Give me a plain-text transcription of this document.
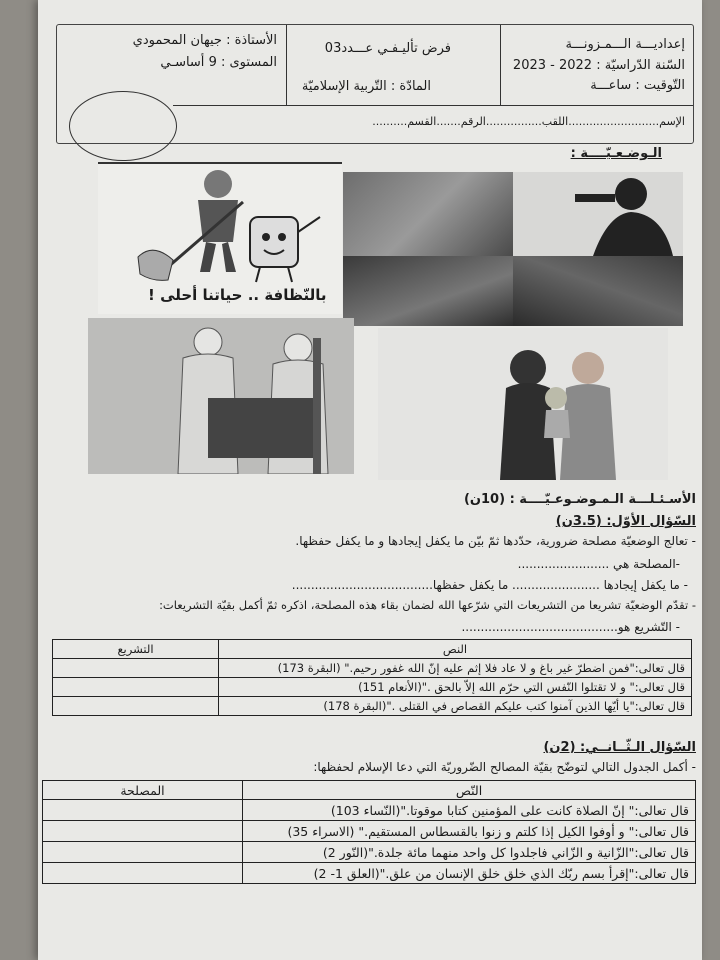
إعداديـــة الـــمـزونـــة
السّنة الدّراسيّة : 2022 - 2023
التّوقيت : ساعـــة
فرض تأليـفـي عـــدد03
المادّة : التّربية الإسلاميّة
الأستاذة : جيهان المحمودي
المستوى : 9 أساسـي
الإسم..........................اللقب................الرقم.......القسم..........
الـوضـعـيّــــة :
بالنّظافة .. حياتنا أحلى !
الأسـئـلـــة الـمـوضـوعـيّــــة : (10ن)
السّؤال الأوّل: (3.5ن)
- تعالج الوضعيّة مصلحة ضرورية، حدّدها ثمّ بيّن ما يكفل إيجادها و ما يكفل حفظها.
-المصلحة هي ........................
- ما يكفل إيجادها ....................... ما يكفل حفظها.....................................
- تقدّم الوضعيّة تشريعا من التشريعات التي شرّعها الله لضمان بقاء هذه المصلحة، اذكره ثمّ أكمل بقيّة التشريعات:
- التّشريع هو.........................................
النص	التشريع
قال تعالى:"فمن اضطرّ غير باغ و لا عاد فلا إثم عليه إنّ الله غفور رحيم." (البقرة 173)	
قال تعالى:" و لا تقتلوا النّفس التي حرّم الله إلاّ بالحق ."(الأنعام 151)	
قال تعالى:"يا أيّها الذين آمنوا كتب عليكم القصاص في القتلى ."(البقرة 178)	
السّؤال الـثّــانــي: (2ن)
- أكمل الجدول التالي لتوضّح بقيّة المصالح الضّروريّة التي دعا الإسلام لحفظها:
النّص	المصلحة
قال تعالى:" إنّ الصلاة كانت على المؤمنين كتابا موقوتا."(النّساء 103)	
قال تعالى:" و أوفوا الكيل إذا كلتم و زنوا بالقسطاس المستقيم." (الاسراء 35)	
قال تعالى:"الزّانية و الزّاني فاجلدوا كل واحد منهما مائة جلدة."(النّور 2)	
قال تعالى:"إقرأ بسم ربّك الذي خلق خلق الإنسان من علق."(العلق 1- 2)	
